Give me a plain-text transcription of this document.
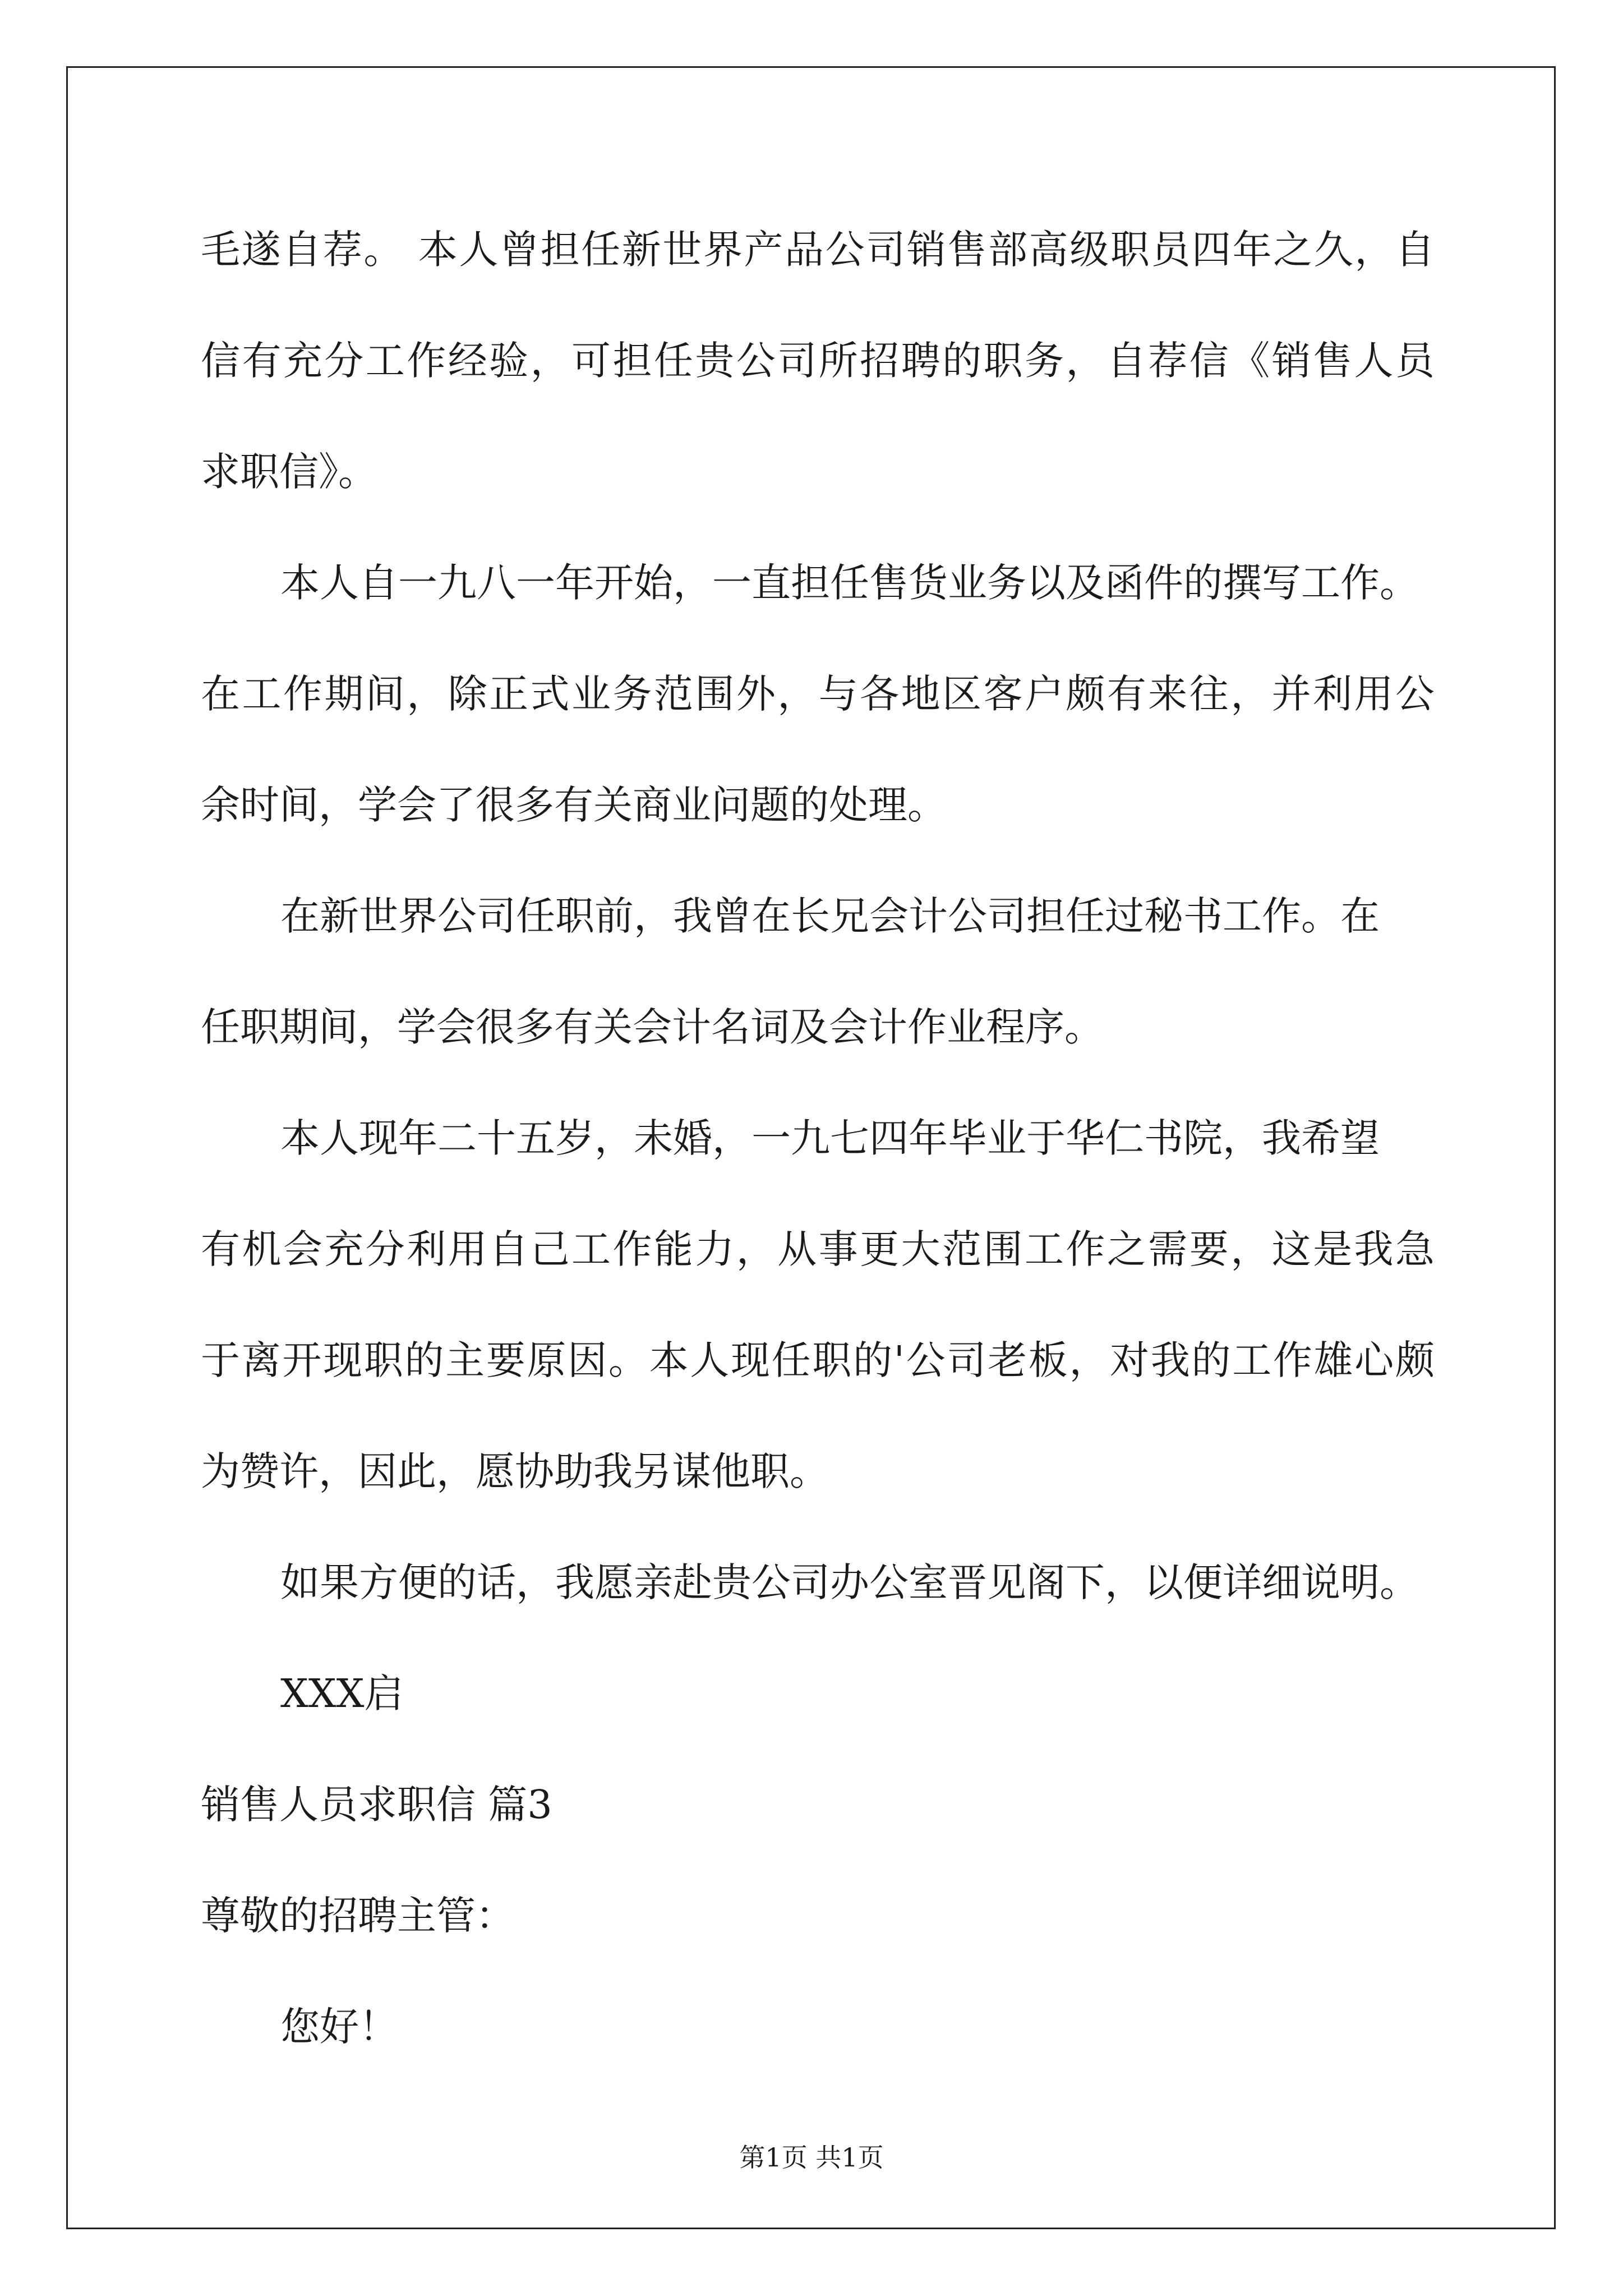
毛遂自荐。 本人曾担任新世界产品公司销售部高级职员四年之久，自
信有充分工作经验，可担任贵公司所招聘的职务，自荐信《销售人员
求职信》。
本人自一九八一年开始，一直担任售货业务以及函件的撰写工作。
在工作期间，除正式业务范围外，与各地区客户颇有来往，并利用公
余时间，学会了很多有关商业问题的处理。
在新世界公司任职前，我曾在长兄会计公司担任过秘书工作。在
任职期间，学会很多有关会计名词及会计作业程序。
本人现年二十五岁，未婚，一九七四年毕业于华仁书院，我希望
有机会充分利用自己工作能力，从事更大范围工作之需要，这是我急
于离开现职的主要原因。本人现任职的'公司老板，对我的工作雄心颇
为赞许，因此，愿协助我另谋他职。
如果方便的话，我愿亲赴贵公司办公室晋见阁下，以便详细说明。
XXX启
销售人员求职信 篇3
尊敬的招聘主管：
您好！
第1页 共1页
